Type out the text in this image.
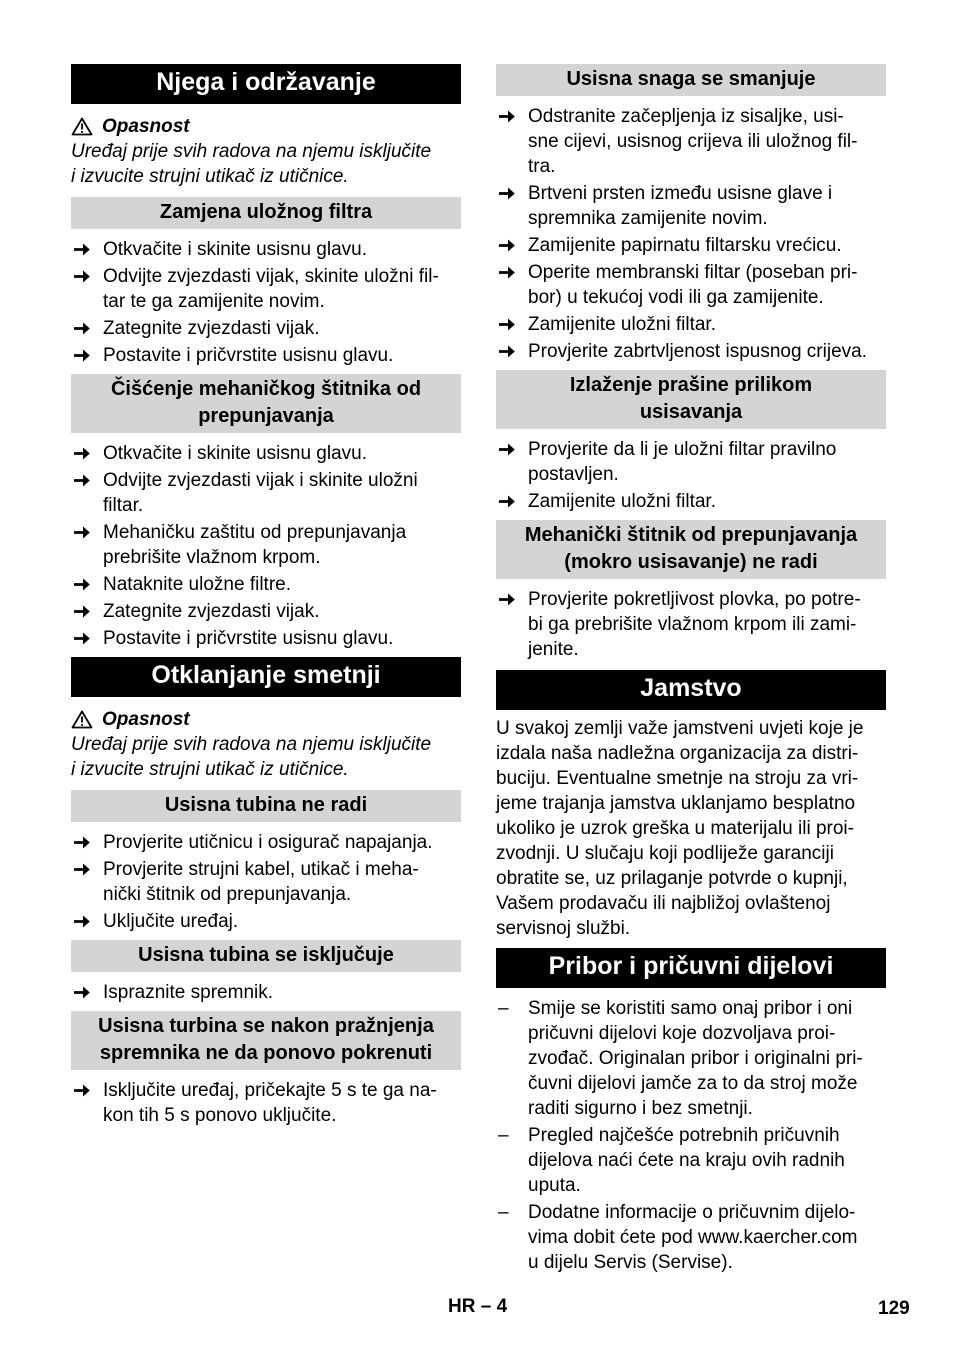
Njega i održavanje
Opasnost
Uređaj prije svih radova na njemu isključite
i izvucite strujni utikač iz utičnice.
Zamjena uložnog filtra
Otkvačite i skinite usisnu glavu.
Odvijte zvjezdasti vijak, skinite uložni fil-
tar te ga zamijenite novim.
Zategnite zvjezdasti vijak.
Postavite i pričvrstite usisnu glavu.
Čišćenje mehaničkog štitnika od
prepunjavanja
Otkvačite i skinite usisnu glavu.
Odvijte zvjezdasti vijak i skinite uložni
filtar.
Mehaničku zaštitu od prepunjavanja
prebrišite vlažnom krpom.
Nataknite uložne filtre.
Zategnite zvjezdasti vijak.
Postavite i pričvrstite usisnu glavu.
Otklanjanje smetnji
Opasnost
Uređaj prije svih radova na njemu isključite
i izvucite strujni utikač iz utičnice.
Usisna tubina ne radi
Provjerite utičnicu i osigurač napajanja.
Provjerite strujni kabel, utikač i meha-
nički štitnik od prepunjavanja.
Uključite uređaj.
Usisna tubina se isključuje
Ispraznite spremnik.
Usisna turbina se nakon pražnjenja
spremnika ne da ponovo pokrenuti
Isključite uređaj, pričekajte 5 s te ga na-
kon tih 5 s ponovo uključite.
Usisna snaga se smanjuje
Odstranite začepljenja iz sisaljke, usi-
sne cijevi, usisnog crijeva ili uložnog fil-
tra.
Brtveni prsten između usisne glave i
spremnika zamijenite novim.
Zamijenite papirnatu filtarsku vrećicu.
Operite membranski filtar (poseban pri-
bor) u tekućoj vodi ili ga zamijenite.
Zamijenite uložni filtar.
Provjerite zabrtvljenost ispusnog crijeva.
Izlaženje prašine prilikom
usisavanja
Provjerite da li je uložni filtar pravilno
postavljen.
Zamijenite uložni filtar.
Mehanički štitnik od prepunjavanja
(mokro usisavanje) ne radi
Provjerite pokretljivost plovka, po potre-
bi ga prebrišite vlažnom krpom ili zami-
jenite.
Jamstvo
U svakoj zemlji važe jamstveni uvjeti koje je
izdala naša nadležna organizacija za distri-
buciju. Eventualne smetnje na stroju za vri-
jeme trajanja jamstva uklanjamo besplatno
ukoliko je uzrok greška u materijalu ili proi-
zvodnji. U slučaju koji podliježe garanciji
obratite se, uz prilaganje potvrde o kupnji,
Vašem prodavaču ili najbližoj ovlaštenoj
servisnoj službi.
Pribor i pričuvni dijelovi
– Smije se koristiti samo onaj pribor i oni
pričuvni dijelovi koje dozvoljava proi-
zvođač. Originalan pribor i originalni pri-
čuvni dijelovi jamče za to da stroj može
raditi sigurno i bez smetnji.
– Pregled najčešće potrebnih pričuvnih
dijelova naći ćete na kraju ovih radnih
uputa.
– Dodatne informacije o pričuvnim dijelo-
vima dobit ćete pod www.kaercher.com
u dijelu Servis (Servise).
HR – 4	129
